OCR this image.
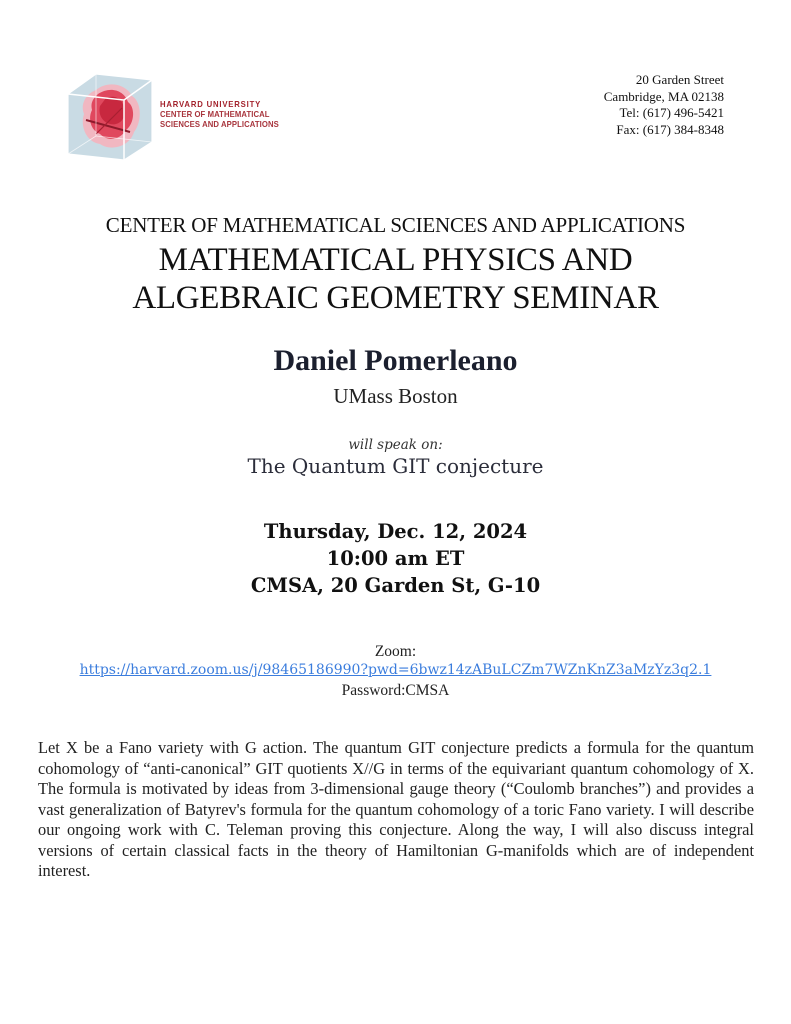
HARVARD UNIVERSITY
CENTER OF MATHEMATICAL
SCIENCES AND APPLICATIONS
20 Garden Street
Cambridge, MA 02138
Tel: (617) 496-5421
Fax: (617) 384-8348
CENTER OF MATHEMATICAL SCIENCES AND APPLICATIONS
MATHEMATICAL PHYSICS AND
ALGEBRAIC GEOMETRY SEMINAR
Daniel Pomerleano
UMass Boston
will speak on:
The Quantum GIT conjecture
Thursday, Dec. 12, 2024
10:00 am ET
CMSA, 20 Garden St, G-10
Zoom:
https://harvard.zoom.us/j/98465186990?pwd=6bwz14zABuLCZm7WZnKnZ3aMzYz3q2.1
Password:CMSA
Let X be a Fano variety with G action. The quantum GIT conjecture predicts a formula for the quantum cohomology of “anti-canonical” GIT quotients X//G in terms of the equivariant quantum cohomology of X. The formula is motivated by ideas from 3-dimensional gauge theory (“Coulomb branches”) and provides a vast generalization of Batyrev's formula for the quantum cohomology of a toric Fano variety. I will describe our ongoing work with C. Teleman proving this conjecture. Along the way, I will also discuss integral versions of certain classical facts in the theory of Hamiltonian G-manifolds which are of independent interest.
